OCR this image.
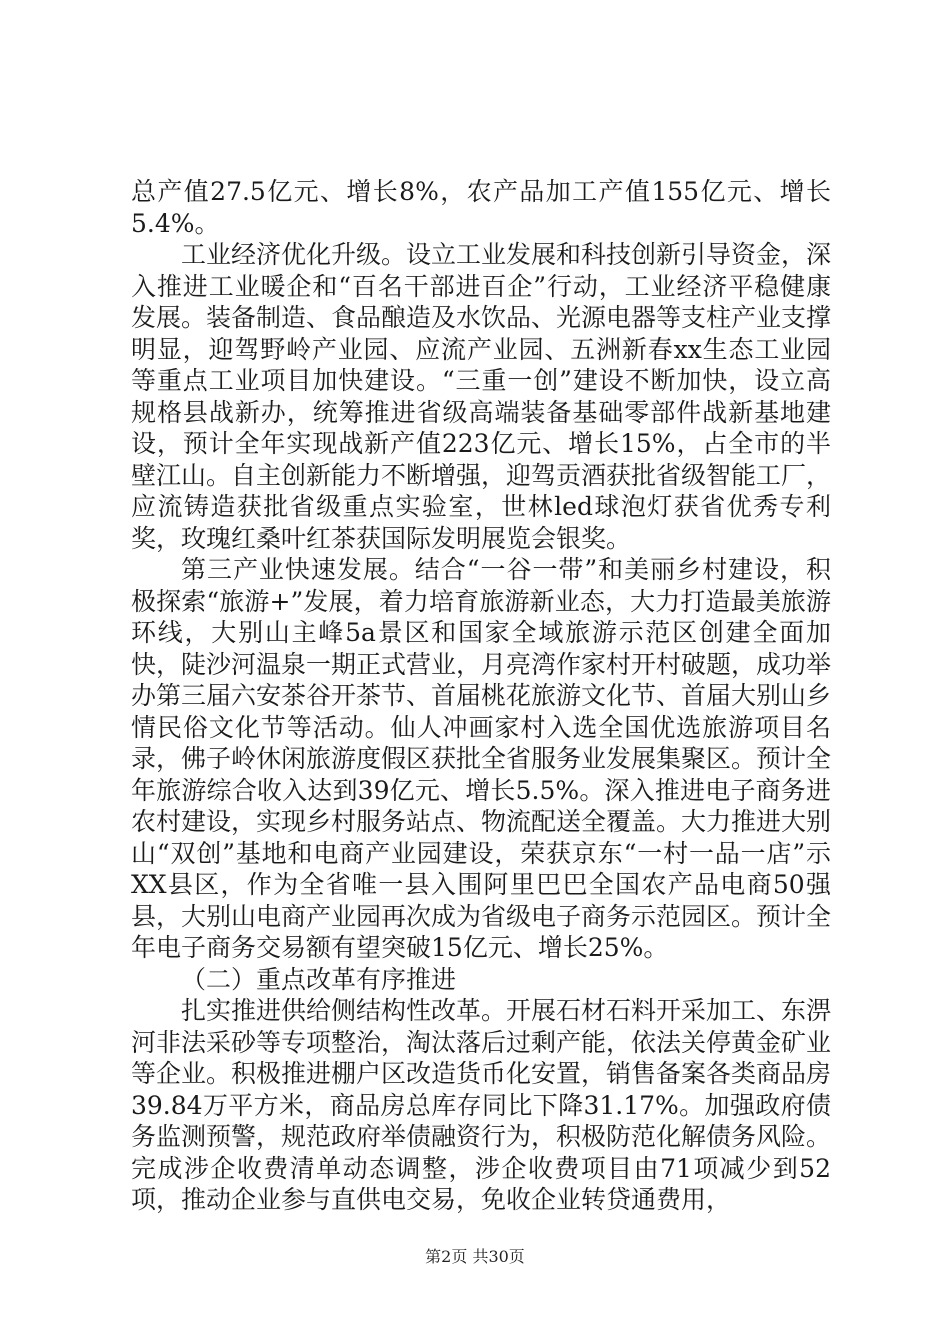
总产值27.5亿元、增长8%，农产品加工产值155亿元、增长5.4%。

工业经济优化升级。设立工业发展和科技创新引导资金，深入推进工业暖企和“百名干部进百企”行动，工业经济平稳健康发展。装备制造、食品酿造及水饮品、光源电器等支柱产业支撑明显，迎驾野岭产业园、应流产业园、五洲新春xx生态工业园等重点工业项目加快建设。“三重一创”建设不断加快，设立高规格县战新办，统筹推进省级高端装备基础零部件战新基地建设，预计全年实现战新产值223亿元、增长15%，占全市的半壁江山。自主创新能力不断增强，迎驾贡酒获批省级智能工厂，应流铸造获批省级重点实验室，世林led球泡灯获省优秀专利奖，玫瑰红桑叶红茶获国际发明展览会银奖。

第三产业快速发展。结合“一谷一带”和美丽乡村建设，积极探索“旅游+”发展，着力培育旅游新业态，大力打造最美旅游环线，大别山主峰5a景区和国家全域旅游示范区创建全面加快，陡沙河温泉一期正式营业，月亮湾作家村开村破题，成功举办第三届六安茶谷开茶节、首届桃花旅游文化节、首届大别山乡情民俗文化节等活动。仙人冲画家村入选全国优选旅游项目名录，佛子岭休闲旅游度假区获批全省服务业发展集聚区。预计全年旅游综合收入达到39亿元、增长5.5%。深入推进电子商务进农村建设，实现乡村服务站点、物流配送全覆盖。大力推进大别山“双创”基地和电商产业园建设，荣获京东“一村一品一店”示XX县区，作为全省唯一县入围阿里巴巴全国农产品电商50强县，大别山电商产业园再次成为省级电子商务示范园区。预计全年电子商务交易额有望突破15亿元、增长25%。

（二）重点改革有序推进

扎实推进供给侧结构性改革。开展石材石料开采加工、东淠河非法采砂等专项整治，淘汰落后过剩产能，依法关停黄金矿业等企业。积极推进棚户区改造货币化安置，销售备案各类商品房39.84万平方米，商品房总库存同比下降31.17%。加强政府债务监测预警，规范政府举债融资行为，积极防范化解债务风险。完成涉企收费清单动态调整，涉企收费项目由71项减少到52项，推动企业参与直供电交易，免收企业转贷通费用，

第2页 共30页
